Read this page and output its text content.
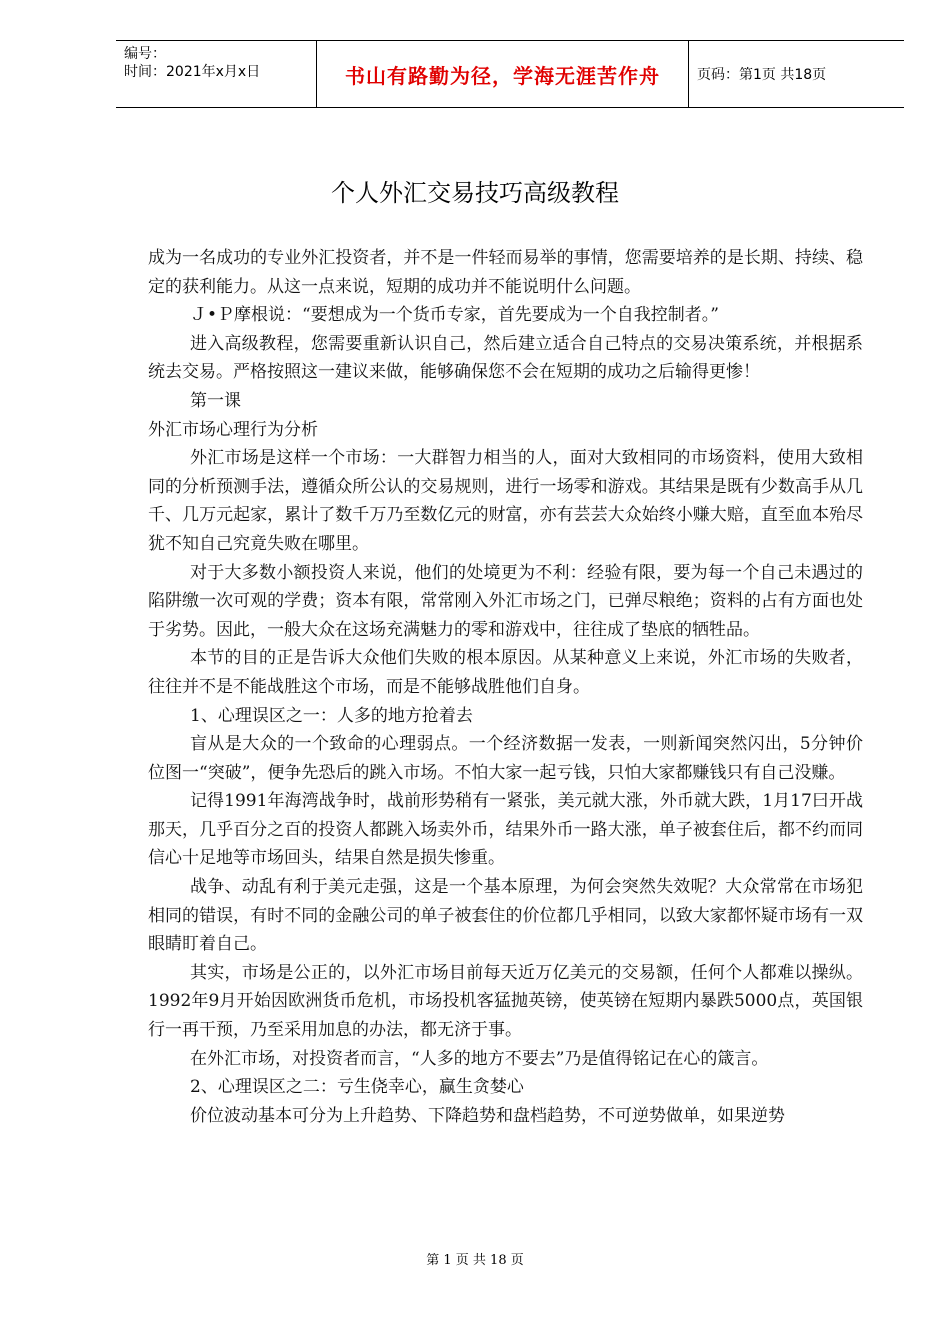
编号：
时间：2021年x月x日	书山有路勤为径，学海无涯苦作舟	页码：第1页 共18页
个人外汇交易技巧高级教程

成为一名成功的专业外汇投资者，并不是一件轻而易举的事情，您需要培养的是长期、持续、稳定的获利能力。从这一点来说，短期的成功并不能说明什么问题。

Ｊ•Ｐ摩根说：“要想成为一个货币专家，首先要成为一个自我控制者。”

进入高级教程，您需要重新认识自己，然后建立适合自己特点的交易决策系统，并根据系统去交易。严格按照这一建议来做，能够确保您不会在短期的成功之后输得更惨！

第一课

外汇市场心理行为分析

外汇市场是这样一个市场：一大群智力相当的人，面对大致相同的市场资料，使用大致相同的分析预测手法，遵循众所公认的交易规则，进行一场零和游戏。其结果是既有少数高手从几千、几万元起家，累计了数千万乃至数亿元的财富，亦有芸芸大众始终小赚大赔，直至血本殆尽犹不知自己究竟失败在哪里。

对于大多数小额投资人来说，他们的处境更为不利：经验有限，要为每一个自己未遇过的陷阱缴一次可观的学费；资本有限，常常刚入外汇市场之门，已弹尽粮绝；资料的占有方面也处于劣势。因此，一般大众在这场充满魅力的零和游戏中，往往成了垫底的牺牲品。

本节的目的正是告诉大众他们失败的根本原因。从某种意义上来说，外汇市场的失败者，往往并不是不能战胜这个市场，而是不能够战胜他们自身。

1、心理误区之一：人多的地方抢着去

盲从是大众的一个致命的心理弱点。一个经济数据一发表，一则新闻突然闪出，5分钟价位图一“突破”，便争先恐后的跳入市场。不怕大家一起亏钱，只怕大家都赚钱只有自己没赚。

记得1991年海湾战争时，战前形势稍有一紧张，美元就大涨，外币就大跌，1月17曰开战那天，几乎百分之百的投资人都跳入场卖外币，结果外币一路大涨，单子被套住后，都不约而同信心十足地等市场回头，结果自然是损失惨重。

战争、动乱有利于美元走强，这是一个基本原理，为何会突然失效呢？大众常常在市场犯相同的错误，有时不同的金融公司的单子被套住的价位都几乎相同，以致大家都怀疑市场有一双眼睛盯着自己。

其实，市场是公正的，以外汇市场目前每天近万亿美元的交易额，任何个人都难以操纵。1992年9月开始因欧洲货币危机，市场投机客猛抛英镑，使英镑在短期内暴跌5000点，英国银行一再干预，乃至采用加息的办法，都无济于事。

在外汇市场，对投资者而言，“人多的地方不要去”乃是值得铭记在心的箴言。

2、心理误区之二：亏生侥幸心，赢生贪婪心

价位波动基本可分为上升趋势、下降趋势和盘档趋势，不可逆势做单，如果逆势

第 1 页 共 18 页
